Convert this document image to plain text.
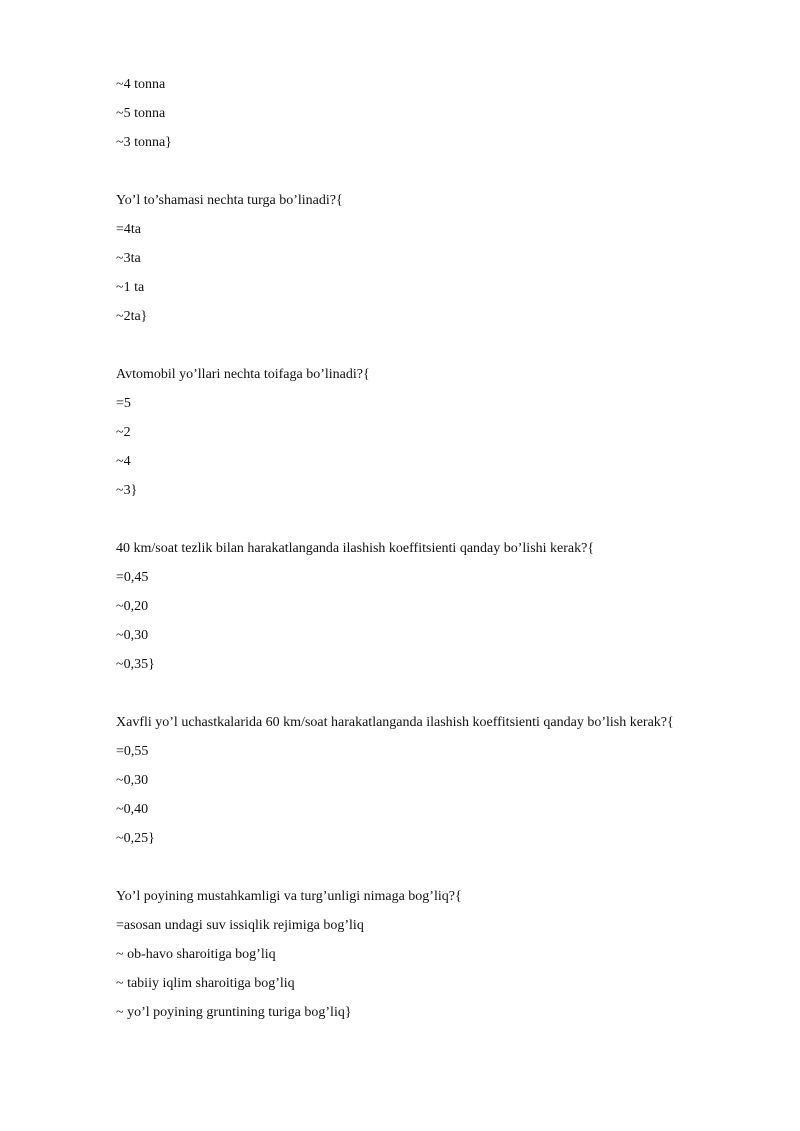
~4 tonna
~5 tonna
~3 tonna}
Yo’l to’shamasi nechta turga bo’linadi?{
=4ta
~3ta
~1 ta
~2ta}
Avtomobil yo’llari nechta toifaga bo’linadi?{
=5
~2
~4
~3}
40 km/soat tezlik bilan harakatlanganda ilashish koeffitsienti qanday bo’lishi kerak?{
=0,45
~0,20
~0,30
~0,35}
Xavfli yo’l uchastkalarida 60 km/soat harakatlanganda ilashish koeffitsienti qanday bo’lish kerak?{
=0,55
~0,30
~0,40
~0,25}
Yo’l poyining mustahkamligi va turg’unligi nimaga bog’liq?{
=asosan undagi suv issiqlik rejimiga bog’liq
~ ob-havo sharoitiga bog’liq
~ tabiiy iqlim sharoitiga bog’liq
~ yo’l poyining gruntining turiga bog’liq}
